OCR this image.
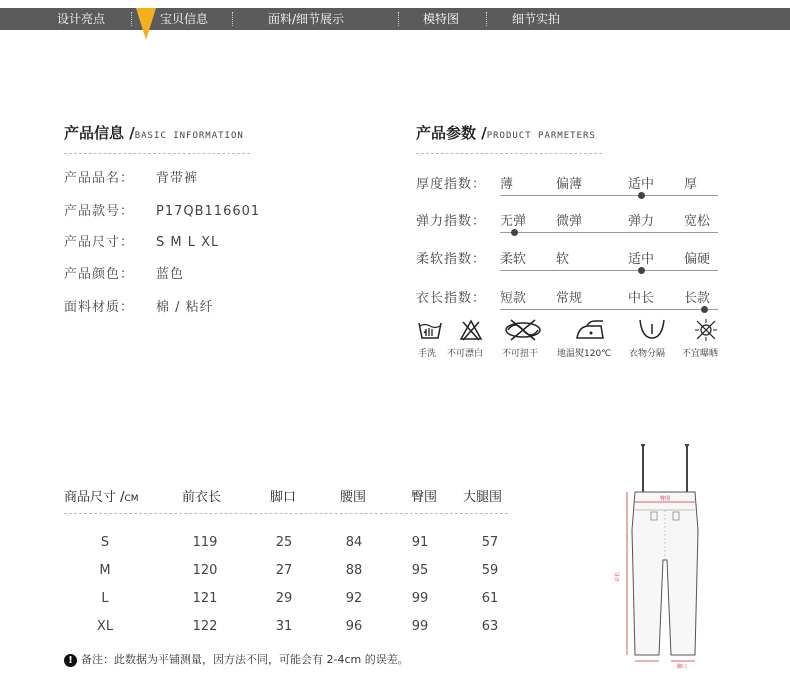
设计亮点	宝贝信息	面料/细节展示	模特图	细节实拍
产品信息 /BASIC INFORMATION
产品品名： 背带裤
产品款号： P17QB116601
产品尺寸： S M L XL
产品颜色： 蓝色
面料材质： 棉 / 粘纤
产品参数 /PRODUCT PARMETERS
厚度指数： 薄	偏薄	适中 厚
弹力指数： 无弹 微弹	弹力 宽松
柔软指数： 柔软 软	适中 偏硬
衣长指数： 短款 常规	中长 长款
手洗 不可漂白 不可扭干 地温熨120℃ 衣物分隔 不宜曝晒
商品尺寸 /CM	前衣长	脚口	腰围	臀围 大腿围
S	119	25	84	91	57
M	120	27	88	95	59
L	121	29	92	99	61
XL	122	31	96	99	63
! 备注：此数据为平铺测量，因方法不同，可能会有 2-4cm 的误差。
臀围
衣长
脚口
